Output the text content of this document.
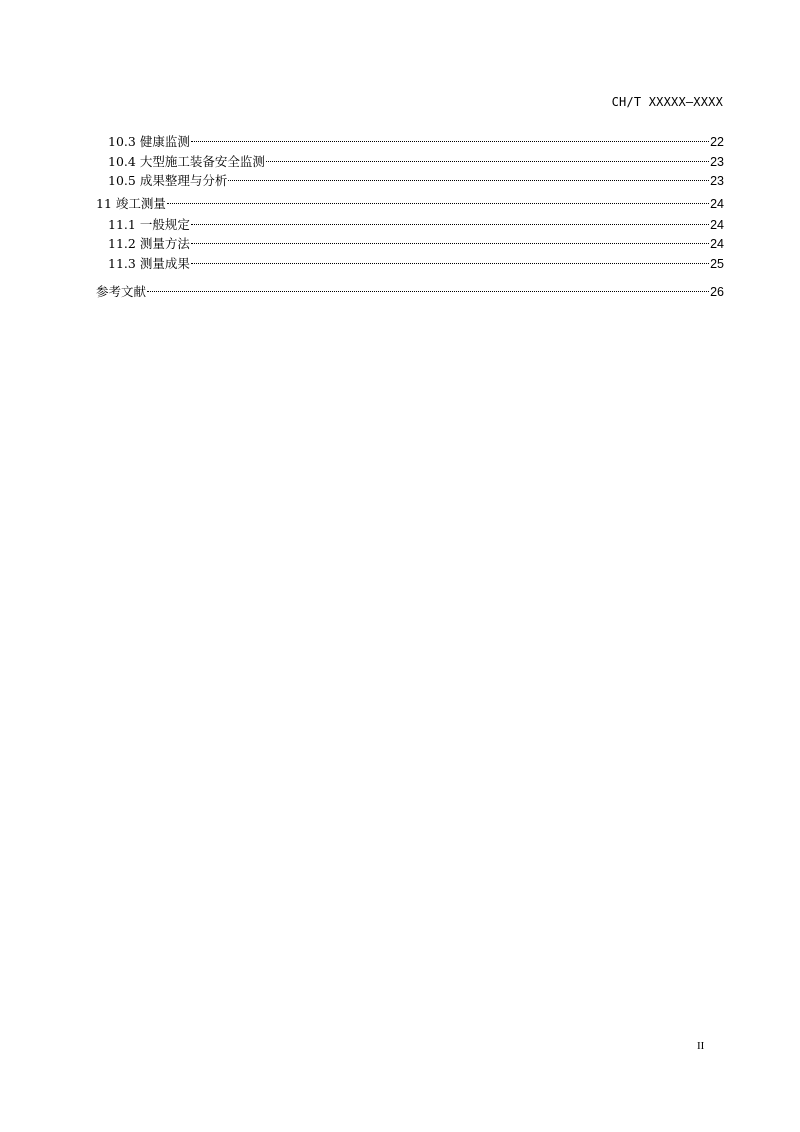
CH/T XXXXX—XXXX
10.3 健康监测	22
10.4 大型施工装备安全监测	23
10.5 成果整理与分析	23
11 竣工测量	24
11.1 一般规定	24
11.2 测量方法	24
11.3 测量成果	25
参考文献	26
II
